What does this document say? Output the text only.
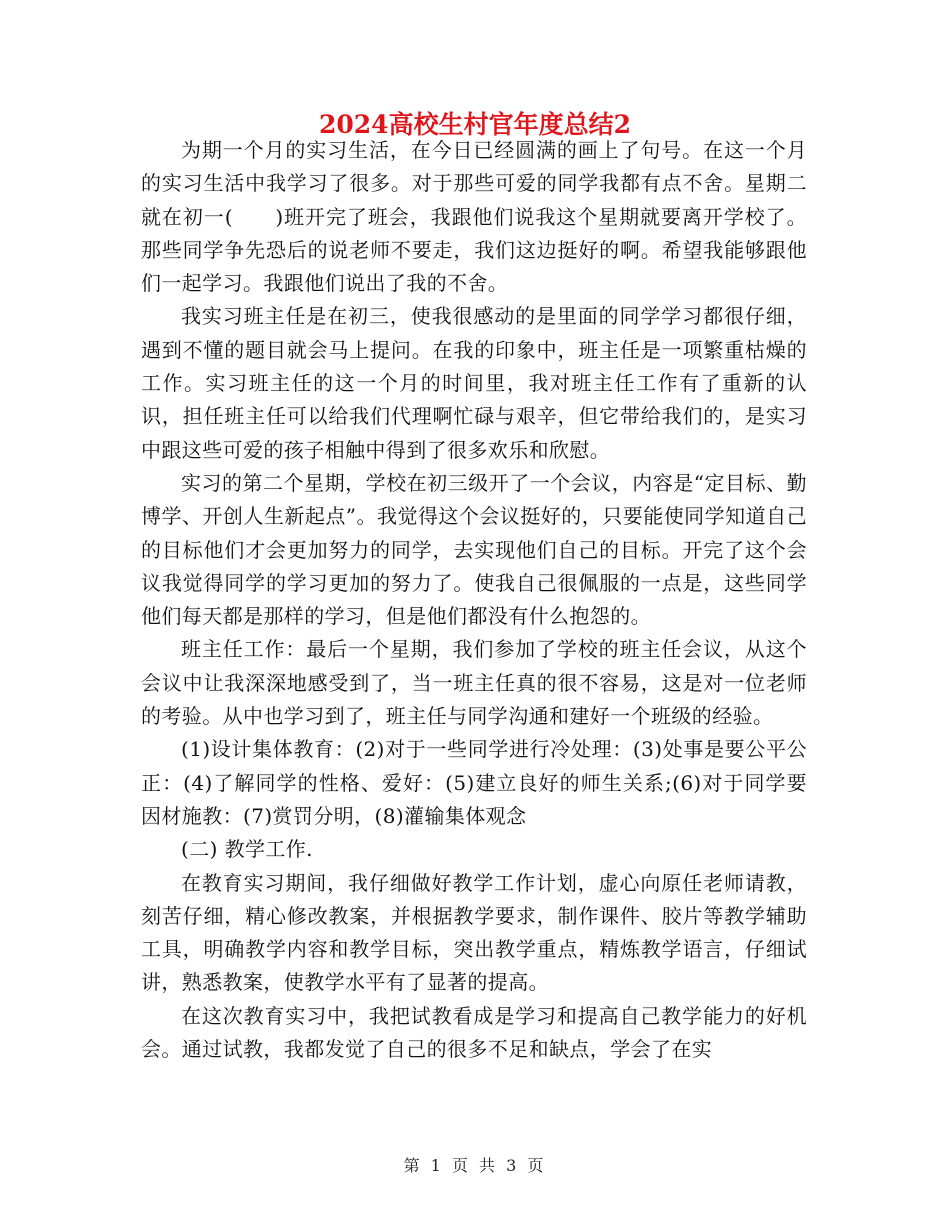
2024高校生村官年度总结2

为期一个月的实习生活，在今日已经圆满的画上了句号。在这一个月的实习生活中我学习了很多。对于那些可爱的同学我都有点不舍。星期二就在初一(　　)班开完了班会，我跟他们说我这个星期就要离开学校了。那些同学争先恐后的说老师不要走，我们这边挺好的啊。希望我能够跟他们一起学习。我跟他们说出了我的不舍。

我实习班主任是在初三，使我很感动的是里面的同学学习都很仔细，遇到不懂的题目就会马上提问。在我的印象中，班主任是一项繁重枯燥的工作。实习班主任的这一个月的时间里，我对班主任工作有了重新的认识，担任班主任可以给我们代理啊忙碌与艰辛，但它带给我们的，是实习中跟这些可爱的孩子相触中得到了很多欢乐和欣慰。

实习的第二个星期，学校在初三级开了一个会议，内容是“定目标、勤博学、开创人生新起点”。我觉得这个会议挺好的，只要能使同学知道自己的目标他们才会更加努力的同学，去实现他们自己的目标。开完了这个会议我觉得同学的学习更加的努力了。使我自己很佩服的一点是，这些同学他们每天都是那样的学习，但是他们都没有什么抱怨的。

班主任工作：最后一个星期，我们参加了学校的班主任会议，从这个会议中让我深深地感受到了，当一班主任真的很不容易，这是对一位老师的考验。从中也学习到了，班主任与同学沟通和建好一个班级的经验。

(1)设计集体教育：(2)对于一些同学进行冷处理：(3)处事是要公平公正：(4)了解同学的性格、爱好：(5)建立良好的师生关系;(6)对于同学要因材施教：(7)赏罚分明，(8)灌输集体观念

(二) 教学工作.

在教育实习期间，我仔细做好教学工作计划，虚心向原任老师请教，刻苦仔细，精心修改教案，并根据教学要求，制作课件、胶片等教学辅助工具，明确教学内容和教学目标，突出教学重点，精炼教学语言，仔细试讲，熟悉教案，使教学水平有了显著的提高。

在这次教育实习中，我把试教看成是学习和提高自己教学能力的好机会。通过试教，我都发觉了自己的很多不足和缺点，学会了在实

第 1 页 共 3 页
